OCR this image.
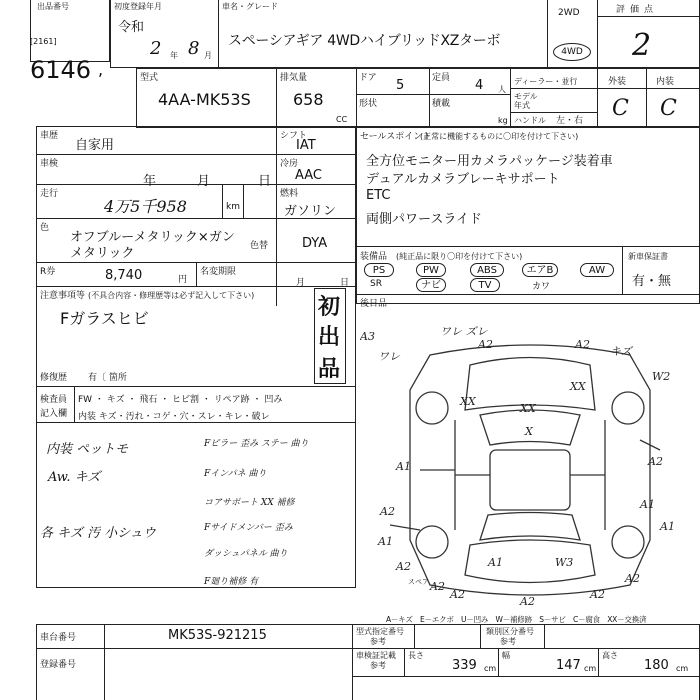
出品番号
[2161]
6146 ,
初度登録年月
令和
2 年 8 月
車名・グレード
スペーシアギア 4WDハイブリッドXZターボ
2WD
4WD
評価点
2
型式
4AA-MK53S
排気量
658
CC
ドア 5	定員 4 人
形状	積載
kg
ディーラー・並行
モデル年式
ハンドル 左・右
外装	内装
C C
車歴
自家用
シフト
IAT
車検
年	月	日
冷房
AAC
走行
4万5千958	km
燃料
ガソリン
色
オフブルーメタリック×ガン
メタリック	色替	DYA
R券	8,740	円
名変期限
月	日
注意事項等 (不具合内容・修理歴等は必ず記入して下さい)
Fガラスヒビ	初
出
品
修復歴 有〔 箇所
検査員
記入欄
FW ・ キズ ・ 飛石 ・ ヒビ割 ・ リペア跡 ・ 凹み
内装 キズ・汚れ・コゲ・穴・スレ・キレ・破レ
内装 ペットモ
Aw. キズ
各 キズ 汚 小シュウ
Fピラー 歪み ステー 曲り
Fインパネ 曲り
コアサポート XX 補修
Fサイドメンバー 歪み
ダッシュパネル 曲り
F廻り補修 有
セールスポイント
(正常に機能するものに〇印を付けて下さい)
全方位モニター用カメラパッケージ装着車
デュアルカメラブレーキサポート
ETC
両側パワースライド
装備品 (純正品に限り〇印を付けて下さい)
PS	PW	ABS	エアB	AW
SR	ナビ	TV	カワ
新車保証書
有・無
後日品
A2	A2
W2
A2
A1
A1
A2
XX
XX
X
A1
A2	A1	W3
A1
A3
A2
A2
A2
A2
A2
ワレ	キズ
XX
ワレ ズレ
スペア
A－キズ　E－エクボ　U－凹み　W－補修跡　S－サビ　C－腐食　XX－交換済
車台番号	MK53S-921215	型式指定番号
参考
類別区分番号
参考
登録番号
車検証記載
参考
長さ
339 cm
幅
147 cm
高さ
180 cm
